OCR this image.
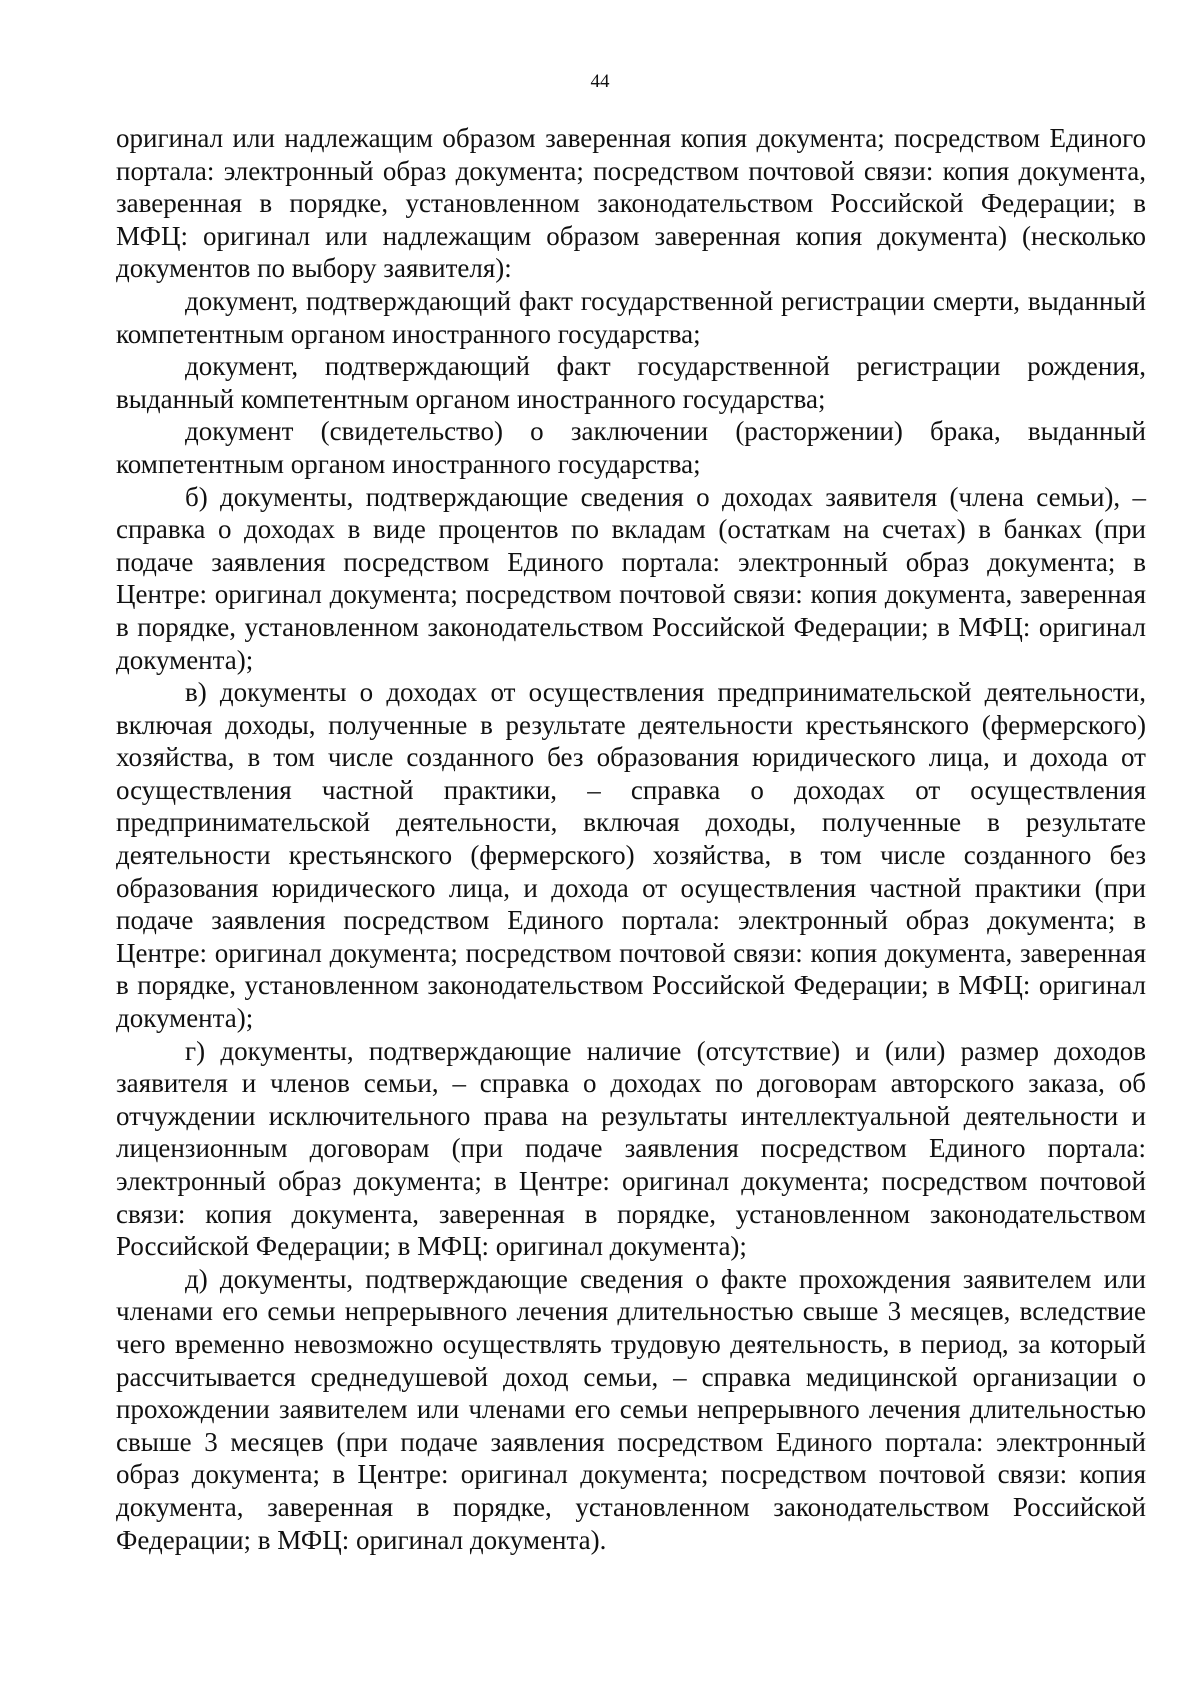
44

оригинал или надлежащим образом заверенная копия документа; посредством Единого портала: электронный образ документа; посредством почтовой связи: копия документа, заверенная в порядке, установленном законодательством Российской Федерации; в МФЦ: оригинал или надлежащим образом заверенная копия документа) (несколько документов по выбору заявителя):

документ, подтверждающий факт государственной регистрации смерти, выданный компетентным органом иностранного государства;

документ, подтверждающий факт государственной регистрации рождения, выданный компетентным органом иностранного государства;

документ (свидетельство) о заключении (расторжении) брака, выданный компетентным органом иностранного государства;

б) документы, подтверждающие сведения о доходах заявителя (члена семьи), – справка о доходах в виде процентов по вкладам (остаткам на счетах) в банках (при подаче заявления посредством Единого портала: электронный образ документа; в Центре: оригинал документа; посредством почтовой связи: копия документа, заверенная в порядке, установленном законодательством Российской Федерации; в МФЦ: оригинал документа);

в) документы о доходах от осуществления предпринимательской деятельности, включая доходы, полученные в результате деятельности крестьянского (фермерского) хозяйства, в том числе созданного без образования юридического лица, и дохода от осуществления частной практики, – справка о доходах от осуществления предпринимательской деятельности, включая доходы, полученные в результате деятельности крестьянского (фермерского) хозяйства, в том числе созданного без образования юридического лица, и дохода от осуществления частной практики (при подаче заявления посредством Единого портала: электронный образ документа; в Центре: оригинал документа; посредством почтовой связи: копия документа, заверенная в порядке, установленном законодательством Российской Федерации; в МФЦ: оригинал документа);

г) документы, подтверждающие наличие (отсутствие) и (или) размер доходов заявителя и членов семьи, – справка о доходах по договорам авторского заказа, об отчуждении исключительного права на результаты интеллектуальной деятельности и лицензионным договорам (при подаче заявления посредством Единого портала: электронный образ документа; в Центре: оригинал документа; посредством почтовой связи: копия документа, заверенная в порядке, установленном законодательством Российской Федерации; в МФЦ: оригинал документа);

д) документы, подтверждающие сведения о факте прохождения заявителем или членами его семьи непрерывного лечения длительностью свыше 3 месяцев, вследствие чего временно невозможно осуществлять трудовую деятельность, в период, за который рассчитывается среднедушевой доход семьи, – справка медицинской организации о прохождении заявителем или членами его семьи непрерывного лечения длительностью свыше 3 месяцев (при подаче заявления посредством Единого портала: электронный образ документа; в Центре: оригинал документа; посредством почтовой связи: копия документа, заверенная в порядке, установленном законодательством Российской Федерации; в МФЦ: оригинал документа).
